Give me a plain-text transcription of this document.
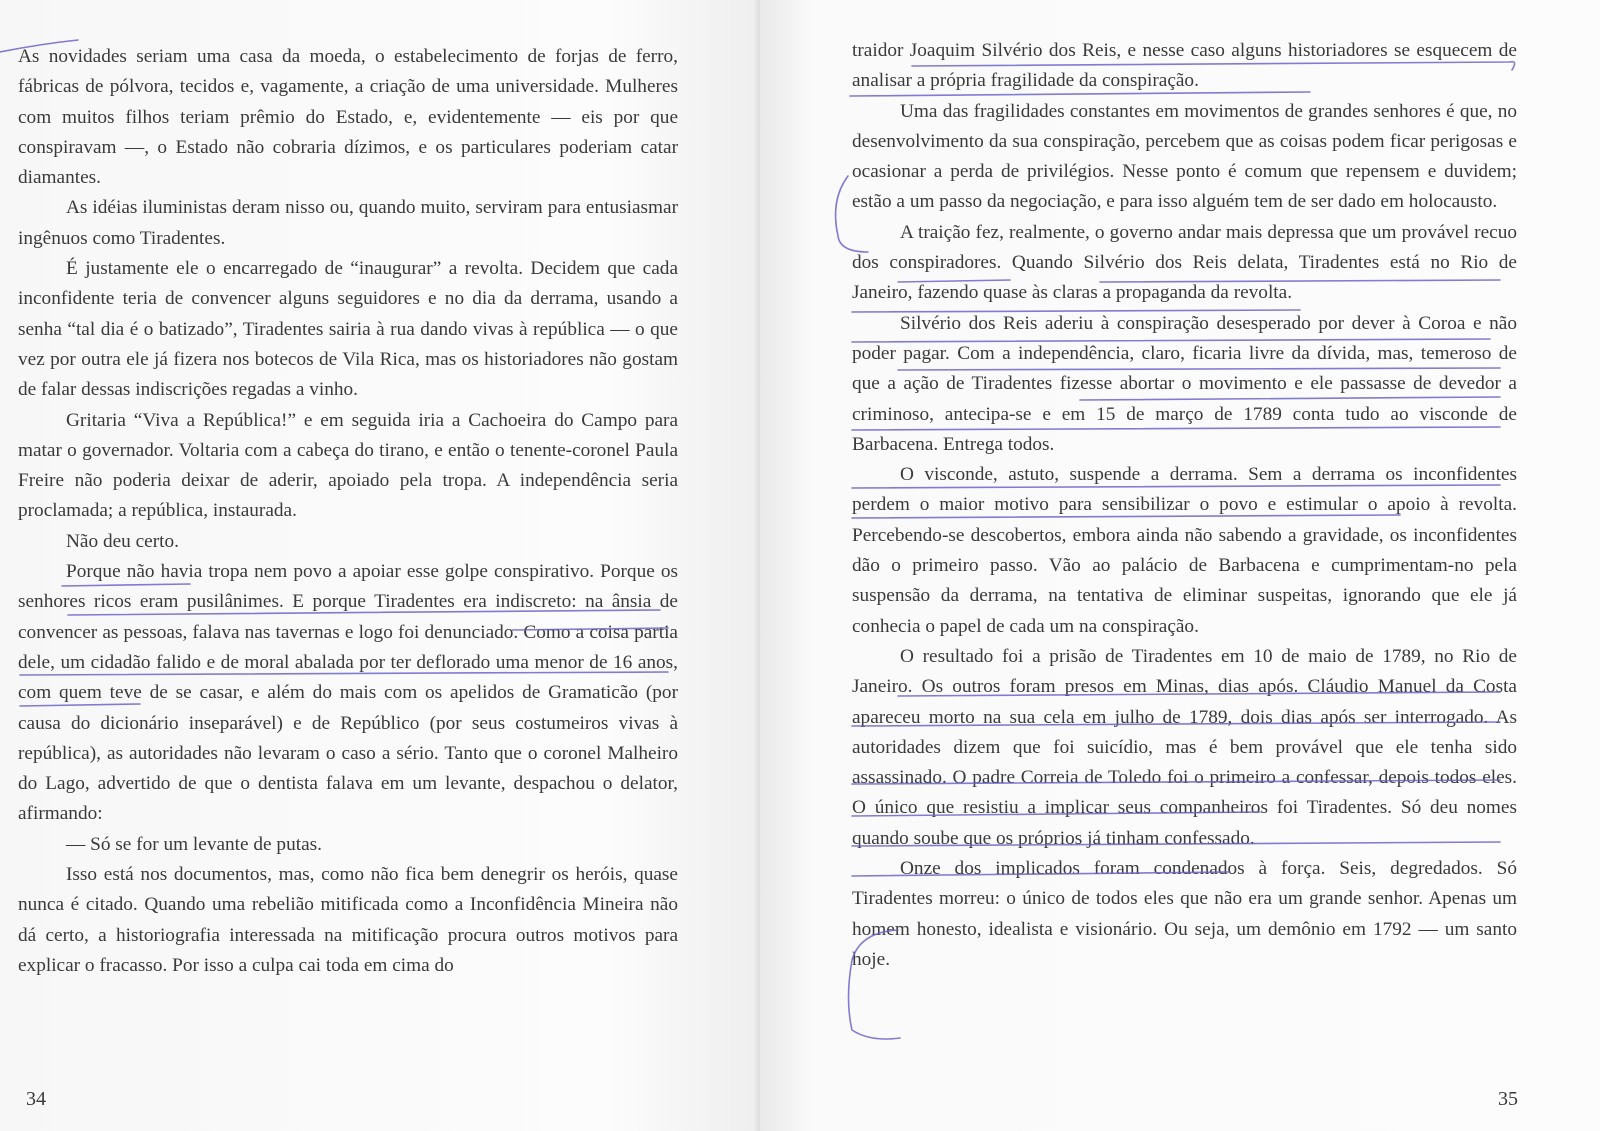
As novidades seriam uma casa da moeda, o estabelecimento de forjas de ferro, fábricas de pólvora, tecidos e, vagamente, a criação de uma universidade. Mulheres com muitos filhos teriam prêmio do Estado, e, evidentemente — eis por que conspiravam —, o Estado não cobraria dízimos, e os particulares poderiam catar diamantes.

As idéias iluministas deram nisso ou, quando muito, serviram para entusiasmar ingênuos como Tiradentes.

É justamente ele o encarregado de “inaugurar” a revolta. Decidem que cada inconfidente teria de convencer alguns seguidores e no dia da derrama, usando a senha “tal dia é o batizado”, Tiradentes sairia à rua dando vivas à república — o que vez por outra ele já fizera nos botecos de Vila Rica, mas os historiadores não gostam de falar dessas indiscrições regadas a vinho.

Gritaria “Viva a República!” e em seguida iria a Cachoeira do Campo para matar o governador. Voltaria com a cabeça do tirano, e então o tenente-coronel Paula Freire não poderia deixar de aderir, apoiado pela tropa. A independência seria proclamada; a república, instaurada.

Não deu certo.

Porque não havia tropa nem povo a apoiar esse golpe conspirativo. Porque os senhores ricos eram pusilânimes. E porque Tiradentes era indiscreto: na ânsia de convencer as pessoas, falava nas tavernas e logo foi denunciado. Como a coisa partia dele, um cidadão falido e de moral abalada por ter deflorado uma menor de 16 anos, com quem teve de se casar, e além do mais com os apelidos de Gramaticão (por causa do dicionário inseparável) e de Repúblico (por seus costumeiros vivas à república), as autoridades não levaram o caso a sério. Tanto que o coronel Malheiro do Lago, advertido de que o dentista falava em um levante, despachou o delator, afirmando:

— Só se for um levante de putas.

Isso está nos documentos, mas, como não fica bem denegrir os heróis, quase nunca é citado. Quando uma rebelião mitificada como a Inconfidência Mineira não dá certo, a historiografia interessada na mitificação procura outros motivos para explicar o fracasso. Por isso a culpa cai toda em cima do

34

traidor Joaquim Silvério dos Reis, e nesse caso alguns historiadores se esquecem de analisar a própria fragilidade da conspiração.

Uma das fragilidades constantes em movimentos de grandes senhores é que, no desenvolvimento da sua conspiração, percebem que as coisas podem ficar perigosas e ocasionar a perda de privilégios. Nesse ponto é comum que repensem e duvidem; estão a um passo da negociação, e para isso alguém tem de ser dado em holocausto.

A traição fez, realmente, o governo andar mais depressa que um provável recuo dos conspiradores. Quando Silvério dos Reis delata, Tiradentes está no Rio de Janeiro, fazendo quase às claras a propaganda da revolta.

Silvério dos Reis aderiu à conspiração desesperado por dever à Coroa e não poder pagar. Com a independência, claro, ficaria livre da dívida, mas, temeroso de que a ação de Tiradentes fizesse abortar o movimento e ele passasse de devedor a criminoso, antecipa-se e em 15 de março de 1789 conta tudo ao visconde de Barbacena. Entrega todos.

O visconde, astuto, suspende a derrama. Sem a derrama os inconfidentes perdem o maior motivo para sensibilizar o povo e estimular o apoio à revolta. Percebendo-se descobertos, embora ainda não sabendo a gravidade, os inconfidentes dão o primeiro passo. Vão ao palácio de Barbacena e cumprimentam-no pela suspensão da derrama, na tentativa de eliminar suspeitas, ignorando que ele já conhecia o papel de cada um na conspiração.

O resultado foi a prisão de Tiradentes em 10 de maio de 1789, no Rio de Janeiro. Os outros foram presos em Minas, dias após. Cláudio Manuel da Costa apareceu morto na sua cela em julho de 1789, dois dias após ser interrogado. As autoridades dizem que foi suicídio, mas é bem provável que ele tenha sido assassinado. O padre Correia de Toledo foi o primeiro a confessar, depois todos eles. O único que resistiu a implicar seus companheiros foi Tiradentes. Só deu nomes quando soube que os próprios já tinham confessado.

Onze dos implicados foram condenados à força. Seis, degredados. Só Tiradentes morreu: o único de todos eles que não era um grande senhor. Apenas um homem honesto, idealista e visionário. Ou seja, um demônio em 1792 — um santo hoje.

35
